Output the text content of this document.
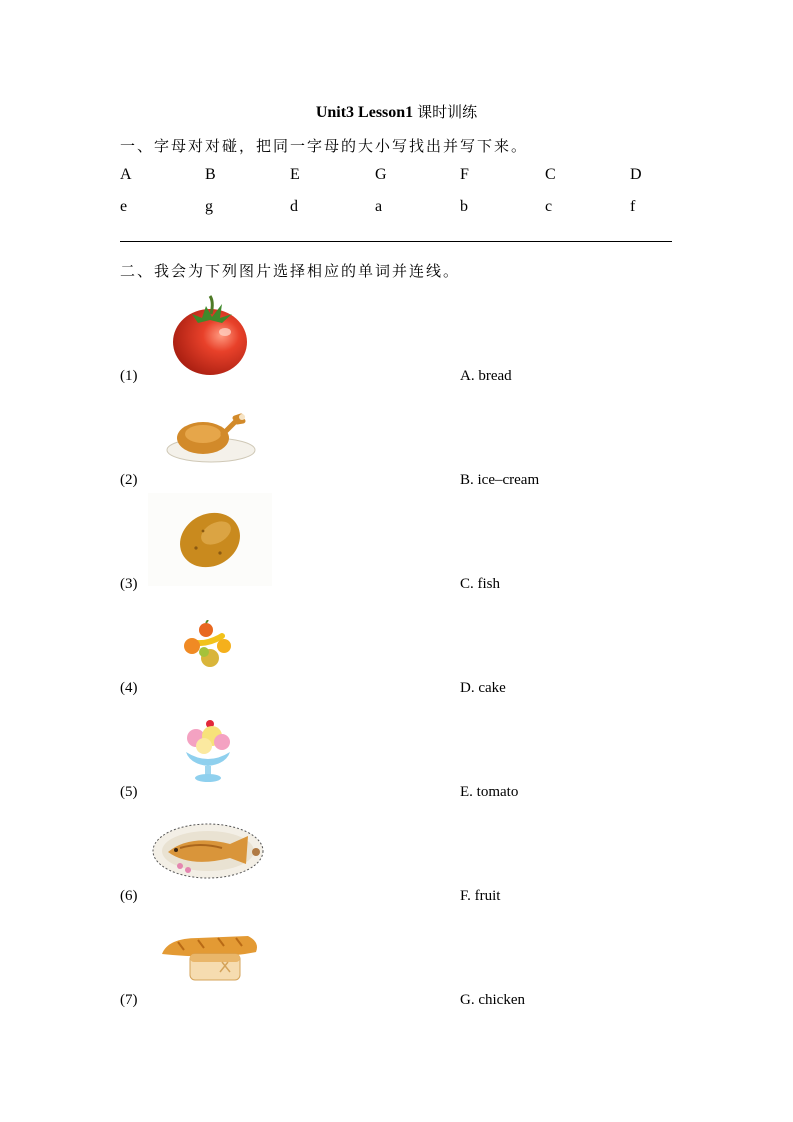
Unit3 Lesson1 课时训练
一、字母对对碰，把同一字母的大小写找出并写下来。
A	B	E	G	F	C	D
e	g	d	a	b	c	f
二、我会为下列图片选择相应的单词并连线。
(1)	A. bread
(2)	B. ice–cream
(3)	C. fish
(4)	D. cake
(5)	E. tomato
(6)	F. fruit
(7)	G. chicken
